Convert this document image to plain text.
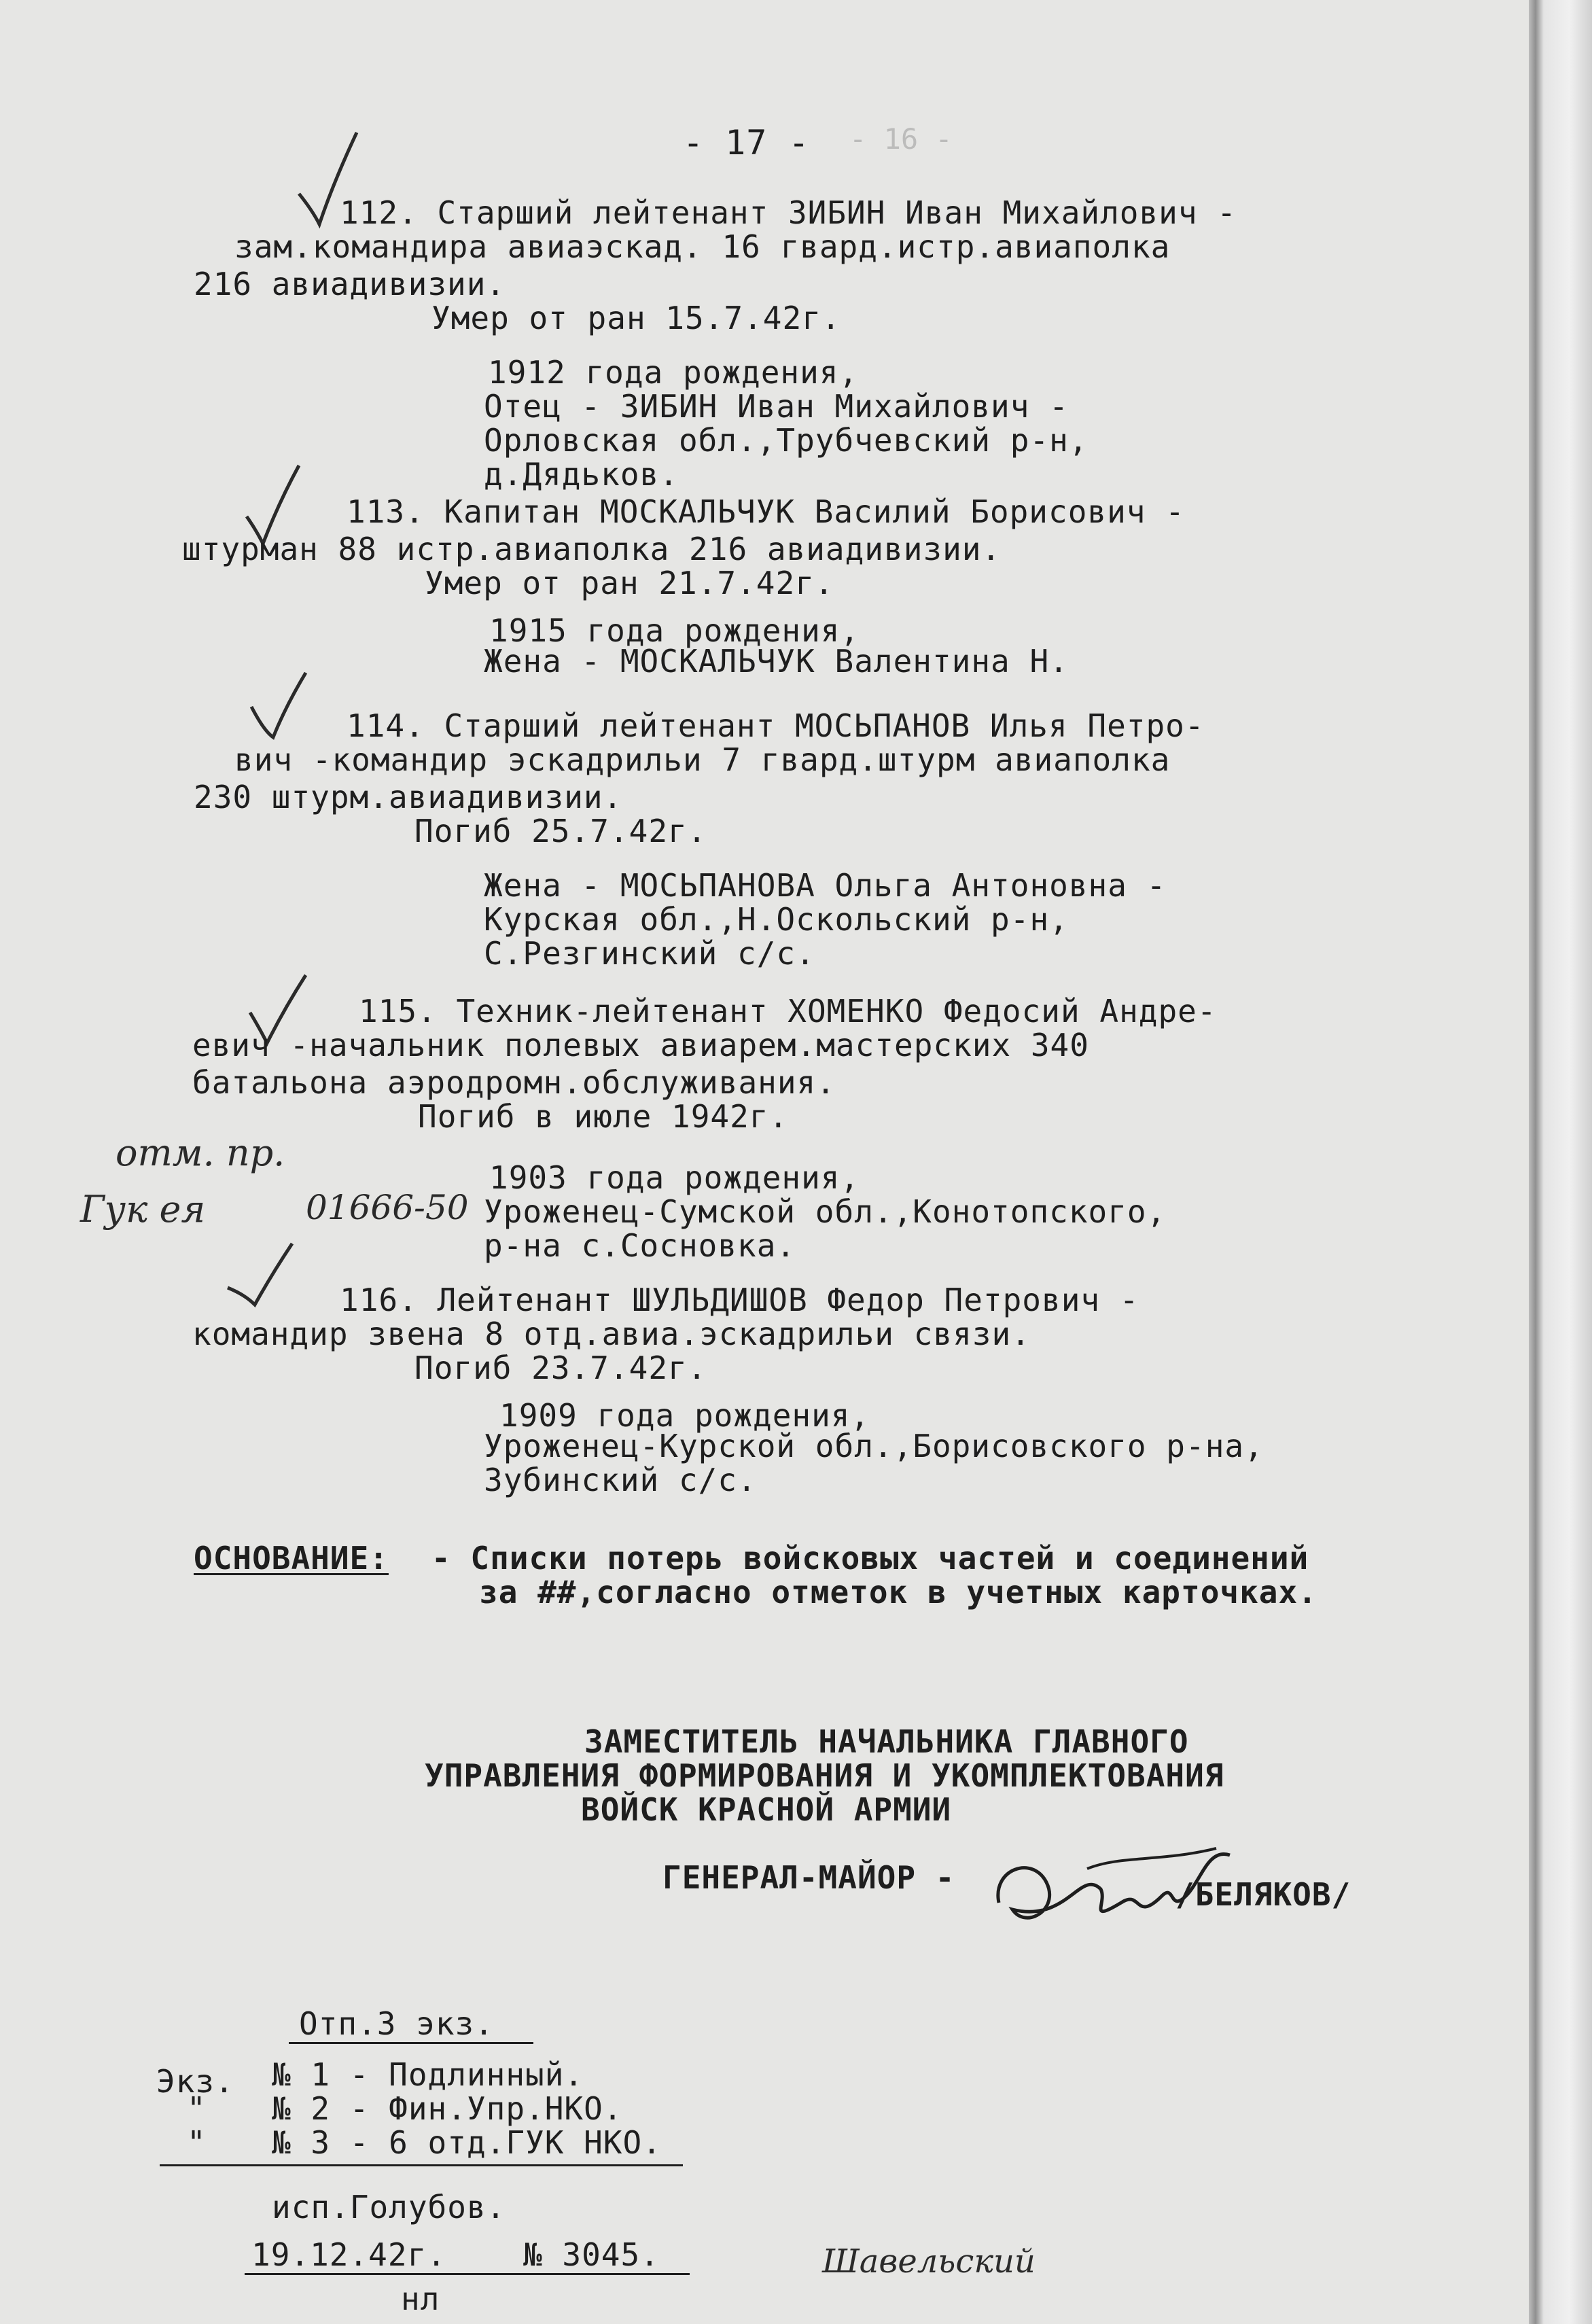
- 16 -
- 17 -
112. Старший лейтенант ЗИБИН Иван Михайлович -
зам.командира авиаэскад. 16 гвард.истр.авиаполка
216 авиадивизии.
Умер от ран 15.7.42г.
1912 года рождения,
Отец - ЗИБИН Иван Михайлович -
Орловская обл.,Трубчевский р-н,
д.Дядьков.
113. Капитан МОСКАЛЬЧУК Василий Борисович -
штурман 88 истр.авиаполка 216 авиадивизии.
Умер от ран 21.7.42г.
1915 года рождения,
Жена - МОСКАЛЬЧУК Валентина Н.
114. Старший лейтенант МОСЬПАНОВ Илья Петро-
вич -командир эскадрильи 7 гвард.штурм авиаполка
230 штурм.авиадивизии.
Погиб 25.7.42г.
Жена - МОСЬПАНОВА Ольга Антоновна -
Курская обл.,Н.Оскольский р-н,
С.Резгинский с/с.
115. Техник-лейтенант ХОМЕНКО Федосий Андре-
евич -начальник полевых авиарем.мастерских 340
батальона аэродромн.обслуживания.
Погиб в июле 1942г.
1903 года рождения,
Уроженец-Сумской обл.,Конотопского,
р-на с.Сосновка.
116. Лейтенант ШУЛЬДИШОВ Федор Петрович -
командир звена 8 отд.авиа.эскадрильи связи.
Погиб 23.7.42г.
1909 года рождения,
Уроженец-Курской обл.,Борисовского р-на,
Зубинский с/с.
отм. пр.
Гук ея	01666-50
ОСНОВАНИЕ: - Списки потерь войсковых частей и соединений
за ##,согласно отметок в учетных карточках.
ЗАМЕСТИТЕЛЬ НАЧАЛЬНИКА ГЛАВНОГО
УПРАВЛЕНИЯ ФОРМИРОВАНИЯ И УКОМПЛЕКТОВАНИЯ
ВОЙСК КРАСНОЙ АРМИИ
ГЕНЕРАЛ-МАЙОР -	/БЕЛЯКОВ/
Отп.3 экз.
Экз. № 1 - Подлинный.
" № 2 - Фин.Упр.НКО.
" № 3 - 6 отд.ГУК НКО.
исп.Голубов.
19.12.42г. № 3045.
нл
Шавельский
